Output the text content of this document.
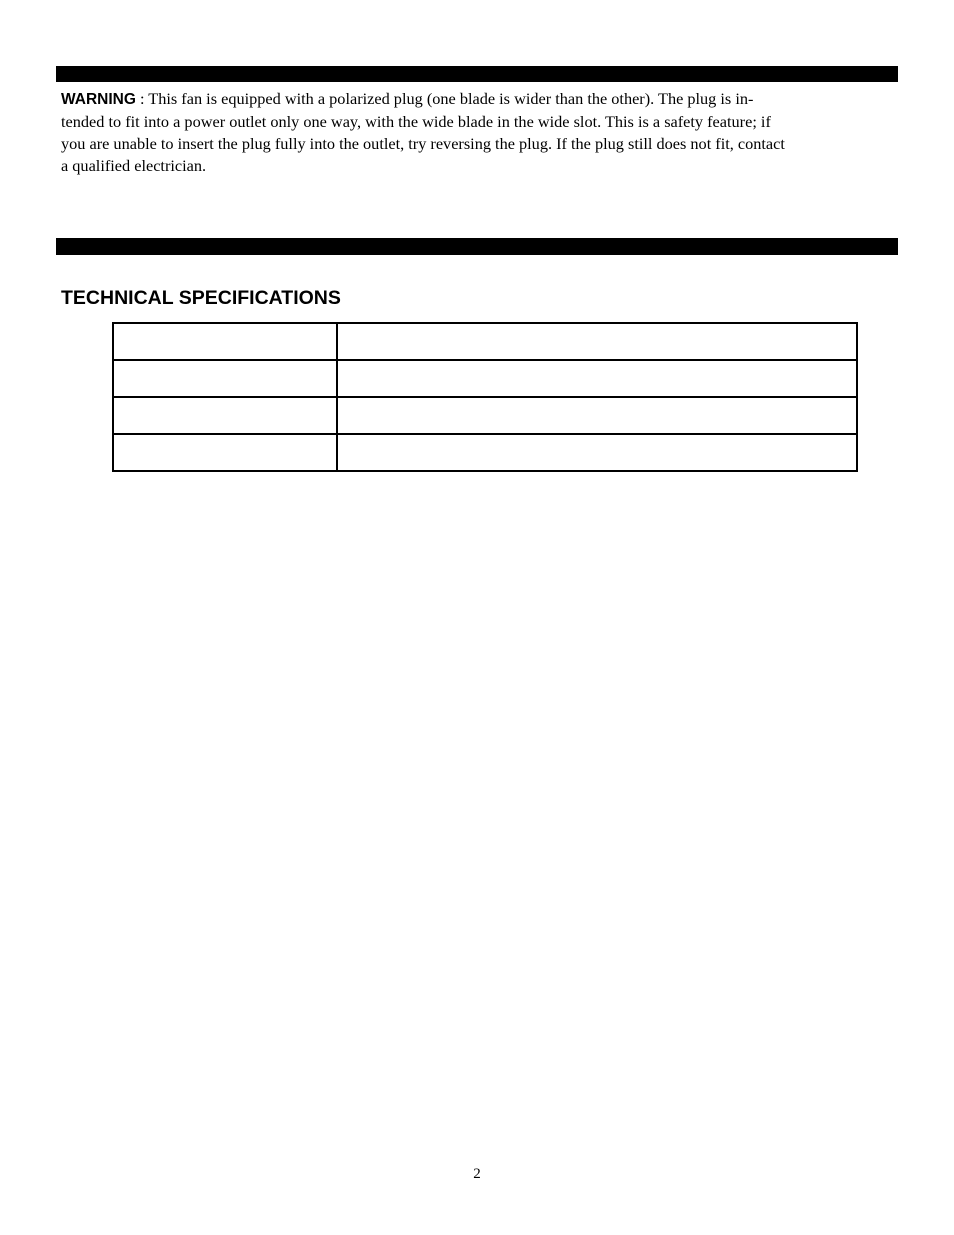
WARNING : This fan is equipped with a polarized plug (one blade is wider than the other). The plug is in-
tended to fit into a power outlet only one way, with the wide blade in the wide slot. This is a safety feature; if
you are unable to insert the plug fully into the outlet, try reversing the plug. If the plug still does not fit, contact
a qualified electrician.

TECHNICAL SPECIFICATIONS

2
